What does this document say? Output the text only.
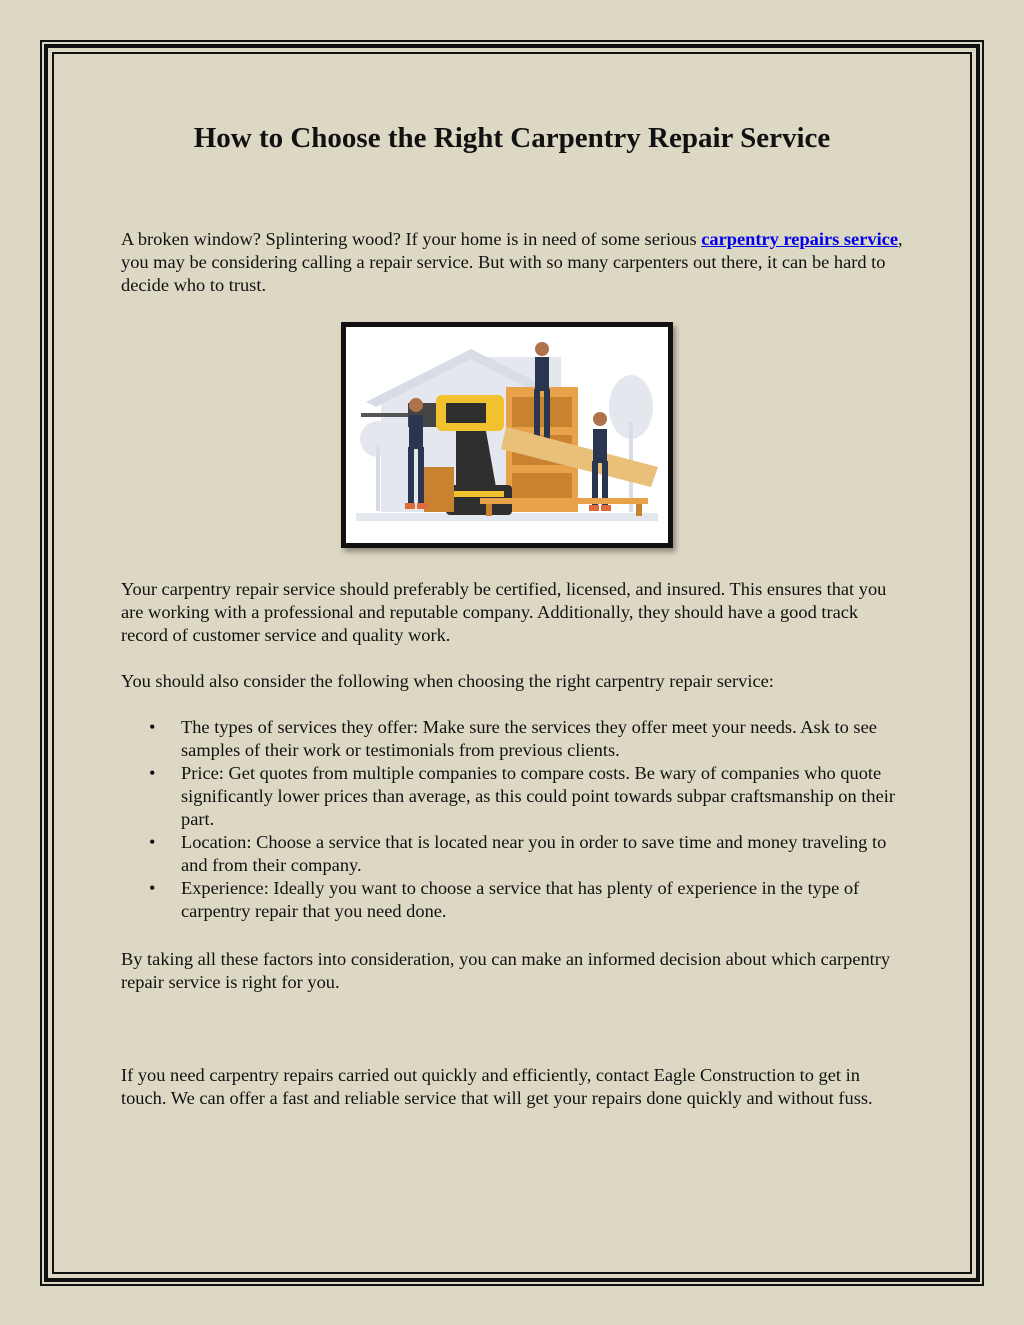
How to Choose the Right Carpentry Repair Service

A broken window? Splintering wood? If your home is in need of some serious carpentry repairs service, you may be considering calling a repair service. But with so many carpenters out there, it can be hard to decide who to trust.

Your carpentry repair service should preferably be certified, licensed, and insured. This ensures that you are working with a professional and reputable company. Additionally, they should have a good track record of customer service and quality work.

You should also consider the following when choosing the right carpentry repair service:

• The types of services they offer: Make sure the services they offer meet your needs. Ask to see samples of their work or testimonials from previous clients.
• Price: Get quotes from multiple companies to compare costs. Be wary of companies who quote significantly lower prices than average, as this could point towards subpar craftsmanship on their part.
• Location: Choose a service that is located near you in order to save time and money traveling to and from their company.
• Experience: Ideally you want to choose a service that has plenty of experience in the type of carpentry repair that you need done.

By taking all these factors into consideration, you can make an informed decision about which carpentry repair service is right for you.

If you need carpentry repairs carried out quickly and efficiently, contact Eagle Construction to get in touch. We can offer a fast and reliable service that will get your repairs done quickly and without fuss.
